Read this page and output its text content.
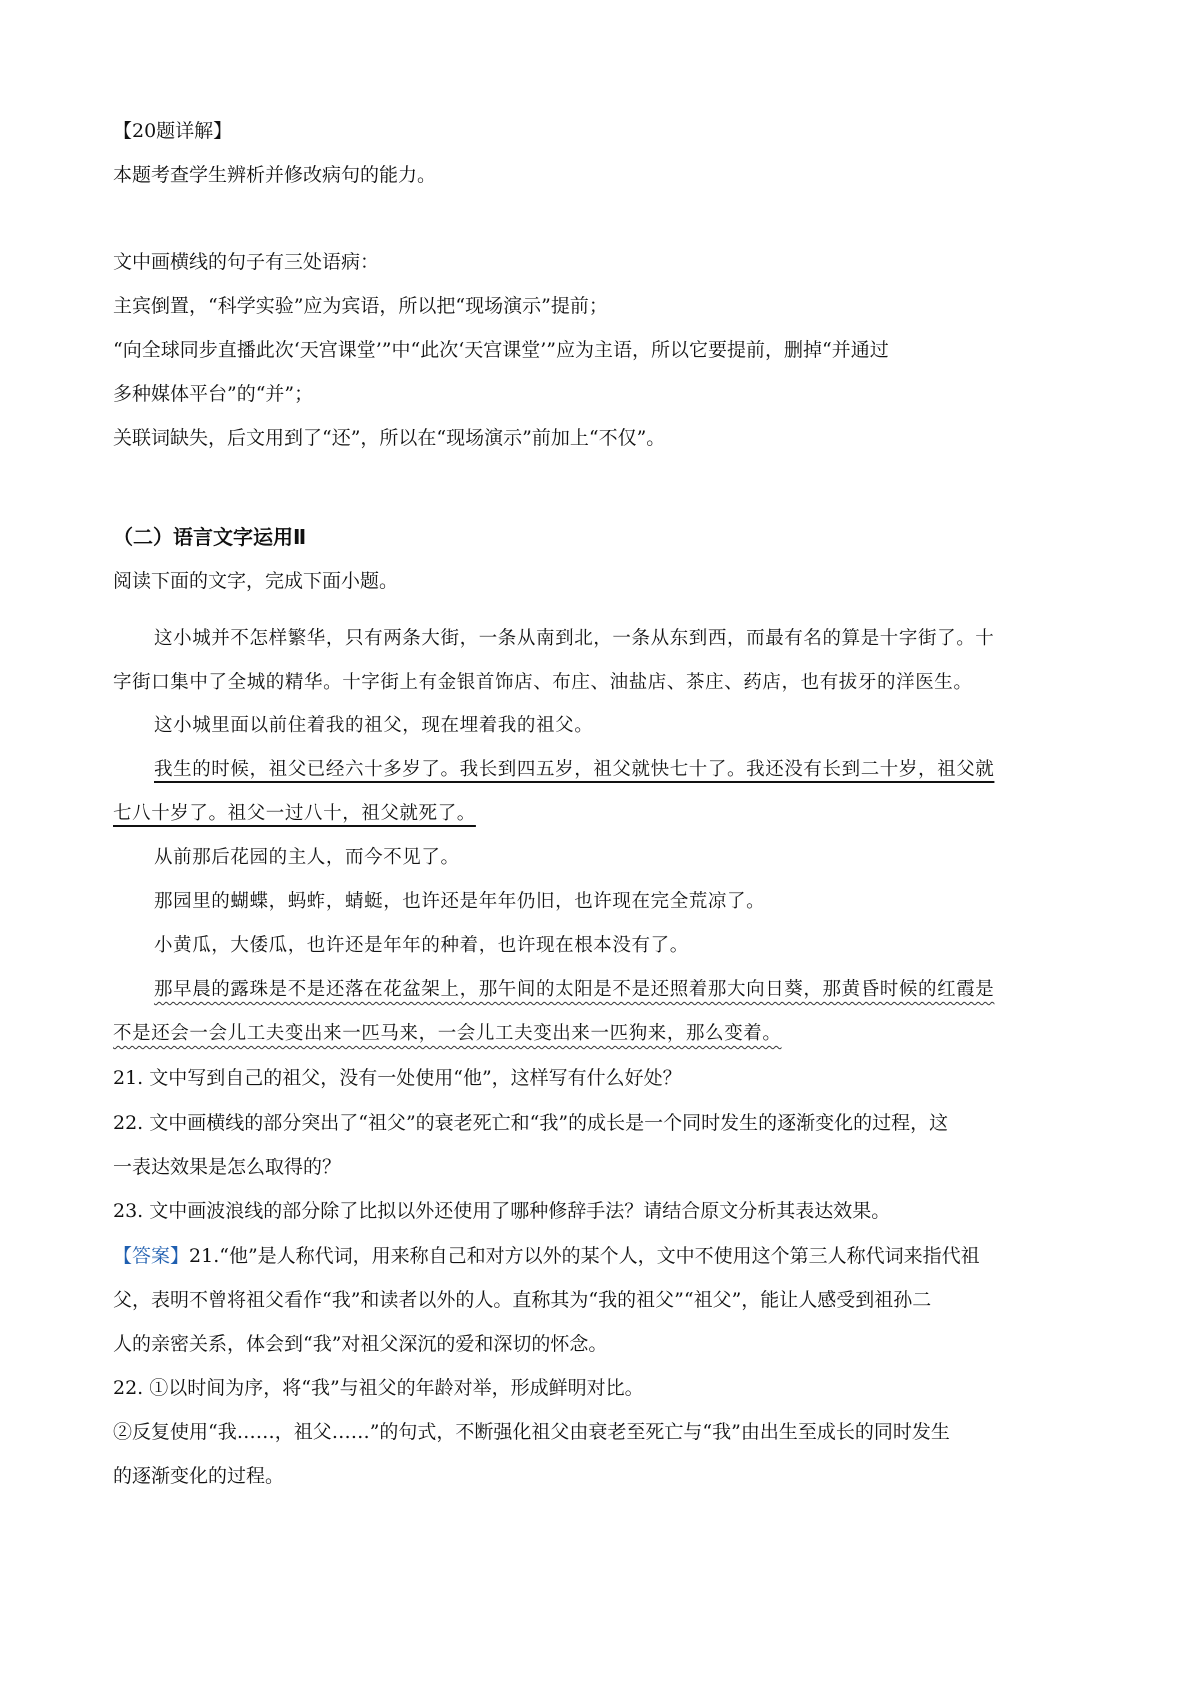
【20题详解】
本题考查学生辨析并修改病句的能力。
文中画横线的句子有三处语病：
主宾倒置，“科学实验”应为宾语，所以把“现场演示”提前；
“向全球同步直播此次‘天宫课堂’”中“此次‘天宫课堂’”应为主语，所以它要提前，删掉“并通过
多种媒体平台”的“并”；
关联词缺失，后文用到了“还”，所以在“现场演示”前加上“不仅”。
（二）语言文字运用Ⅱ
阅读下面的文字，完成下面小题。
这小城并不怎样繁华，只有两条大街，一条从南到北，一条从东到西，而最有名的算是十字街了。十
字街口集中了全城的精华。十字街上有金银首饰店、布庄、油盐店、茶庄、药店，也有拔牙的洋医生。
这小城里面以前住着我的祖父，现在埋着我的祖父。
我生的时候，祖父已经六十多岁了。我长到四五岁，祖父就快七十了。我还没有长到二十岁，祖父就
七八十岁了。祖父一过八十，祖父就死了。
从前那后花园的主人，而今不见了。
那园里的蝴蝶，蚂蚱，蜻蜓，也许还是年年仍旧，也许现在完全荒凉了。
小黄瓜，大倭瓜，也许还是年年的种着，也许现在根本没有了。
那早晨的露珠是不是还落在花盆架上，那午间的太阳是不是还照着那大向日葵，那黄昏时候的红霞是
不是还会一会儿工夫变出来一匹马来，一会儿工夫变出来一匹狗来，那么变着。
21. 文中写到自己的祖父，没有一处使用“他”，这样写有什么好处？
22. 文中画横线的部分突出了“祖父”的衰老死亡和“我”的成长是一个同时发生的逐渐变化的过程，这
一表达效果是怎么取得的？
23. 文中画波浪线的部分除了比拟以外还使用了哪种修辞手法？请结合原文分析其表达效果。
【答案】21.“他”是人称代词，用来称自己和对方以外的某个人，文中不使用这个第三人称代词来指代祖
父，表明不曾将祖父看作“我”和读者以外的人。直称其为“我的祖父”“祖父”，能让人感受到祖孙二
人的亲密关系，体会到“我”对祖父深沉的爱和深切的怀念。
22. ①以时间为序，将“我”与祖父的年龄对举，形成鲜明对比。
②反复使用“我……，祖父……”的句式，不断强化祖父由衰老至死亡与“我”由出生至成长的同时发生
的逐渐变化的过程。
